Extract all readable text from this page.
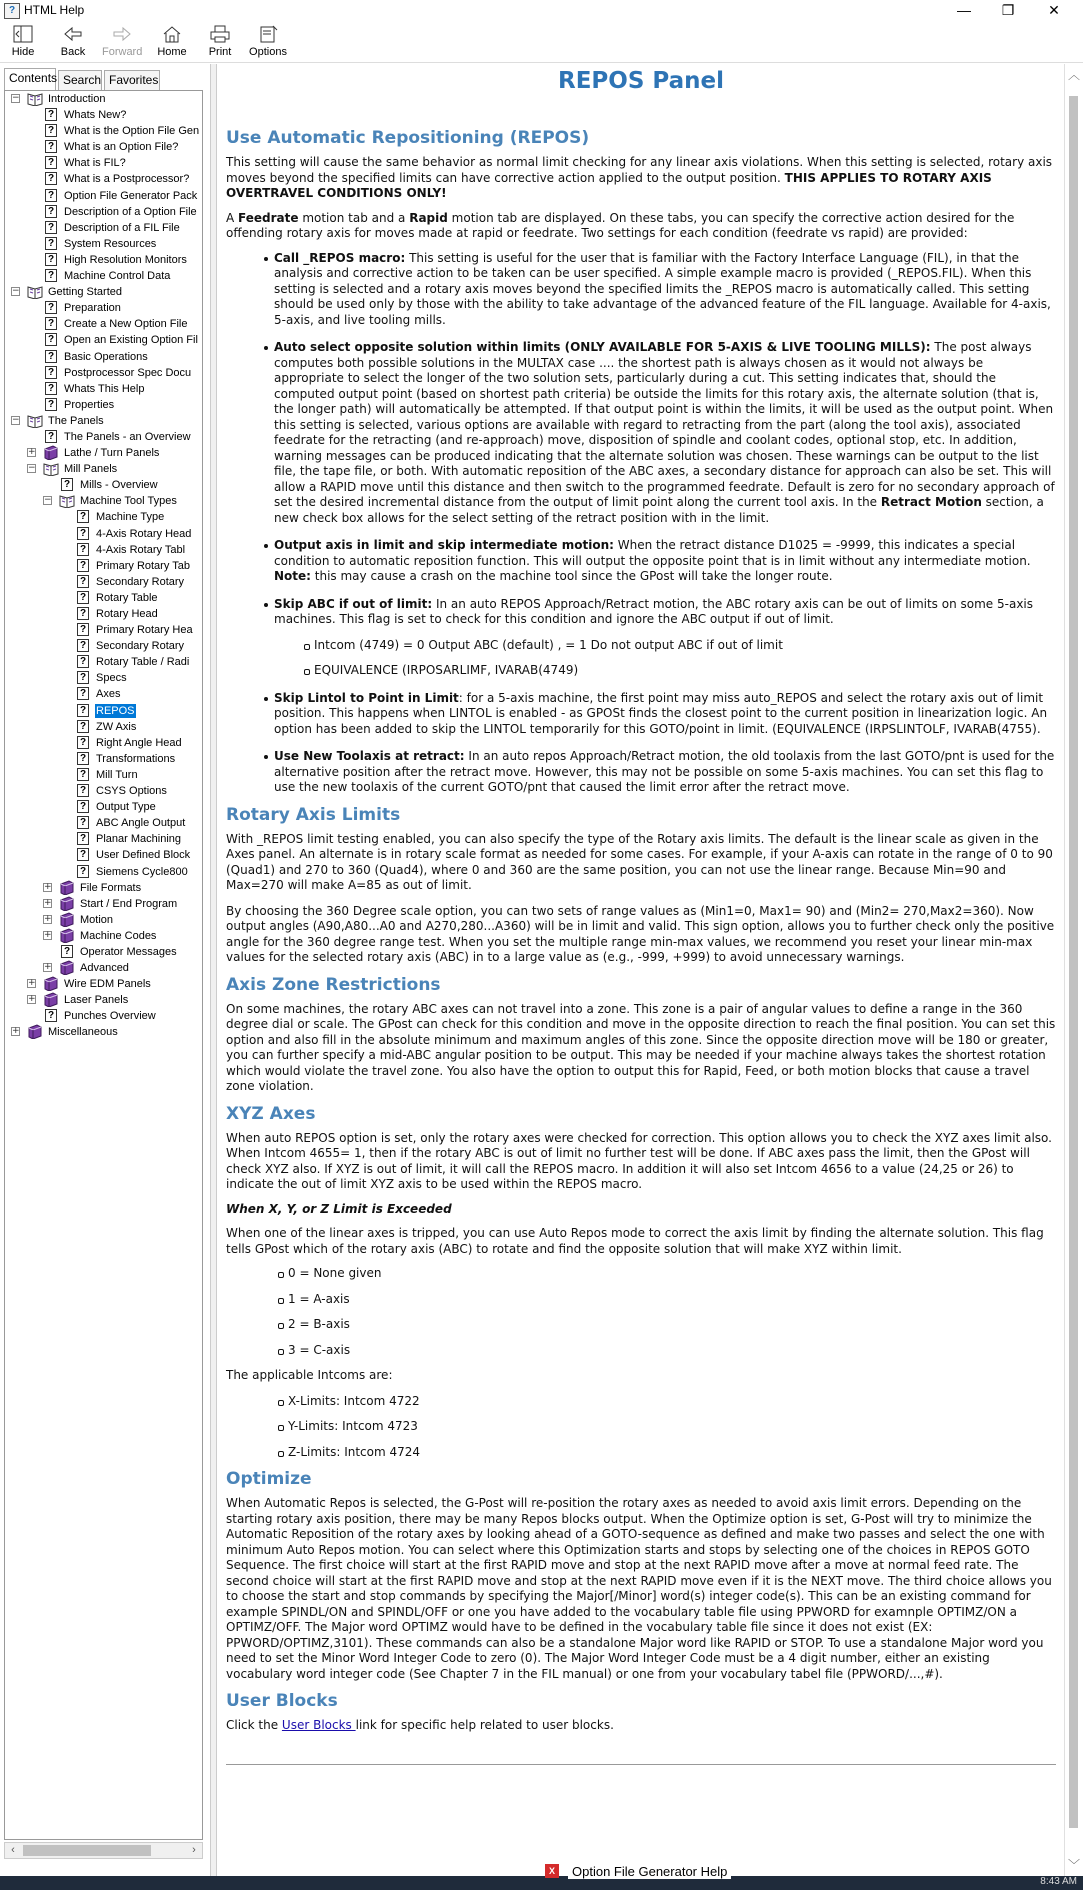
? HTML Help	—	❐	✕
Hide	Back Forward Home Print Options
Contents Search Favorites
−	Introduction
? Whats New?
? What is the Option File Gen
? What is an Option File?
? What is FIL?
? What is a Postprocessor?
? Option File Generator Pack
? Description of a Option File
? Description of a FIL File
? System Resources
? High Resolution Monitors
? Machine Control Data
−	Getting Started
? Preparation
? Create a New Option File
? Open an Existing Option Fil
? Basic Operations
? Postprocessor Spec Docu
? Whats This Help
? Properties
−	The Panels
? The Panels - an Overview
+	Lathe / Turn Panels
−	Mill Panels
? Mills - Overview
−	Machine Tool Types
? Machine Type
? 4-Axis Rotary Head
? 4-Axis Rotary Tabl
? Primary Rotary Tab
? Secondary Rotary
? Rotary Table
? Rotary Head
? Primary Rotary Hea
? Secondary Rotary
? Rotary Table / Radi
? Specs
? Axes
? REPOS
? ZW Axis
? Right Angle Head
? Transformations
? Mill Turn
? CSYS Options
? Output Type
? ABC Angle Output
? Planar Machining
? User Defined Block
? Siemens Cycle800
+	File Formats
+	Start / End Program
+	Motion
+	Machine Codes
? Operator Messages
+	Advanced
+	Wire EDM Panels
+	Laser Panels
? Punches Overview
+	Miscellaneous
‹	›
REPOS Panel
Use Automatic Repositioning (REPOS)

This setting will cause the same behavior as normal limit checking for any linear axis violations. When this setting is selected, rotary axis moves beyond the specified limits can have corrective action applied to the output position. THIS APPLIES TO ROTARY AXIS OVERTRAVEL CONDITIONS ONLY!

A Feedrate motion tab and a Rapid motion tab are displayed. On these tabs, you can specify the corrective action desired for the offending rotary axis for moves made at rapid or feedrate. Two settings for each condition (feedrate vs rapid) are provided:

Call _REPOS macro: This setting is useful for the user that is familiar with the Factory Interface Language (FIL), in that the analysis and corrective action to be taken can be user specified. A simple example macro is provided (_REPOS.FIL). When this setting is selected and a rotary axis moves beyond the specified limits the _REPOS macro is automatically called. This setting should be used only by those with the ability to take advantage of the advanced feature of the FIL language. Available for 4-axis, 5-axis, and live tooling mills.
Auto select opposite solution within limits (ONLY AVAILABLE FOR 5-AXIS & LIVE TOOLING MILLS): The post always computes both possible solutions in the MULTAX case .... the shortest path is always chosen as it would not always be appropriate to select the longer of the two solution sets, particularly during a cut. This setting indicates that, should the computed output point (based on shortest path criteria) be outside the limits for this rotary axis, the alternate solution (that is, the longer path) will automatically be attempted. If that output point is within the limits, it will be used as the output point. When this setting is selected, various options are available with regard to retracting from the part (along the tool axis), associated feedrate for the retracting (and re-approach) move, disposition of spindle and coolant codes, optional stop, etc. In addition, warning messages can be produced indicating that the alternate solution was chosen. These warnings can be output to the list file, the tape file, or both. With automatic reposition of the ABC axes, a secondary distance for approach can also be set. This will allow a RAPID move until this distance and then switch to the programmed feedrate. Default is zero for no secondary approach of set the desired incremental distance from the output of limit point along the current tool axis. In the Retract Motion section, a new check box allows for the select setting of the retract position with in the limit.
Output axis in limit and skip intermediate motion: When the retract distance D1025 = -9999, this indicates a special condition to automatic reposition function. This will output the opposite point that is in limit without any intermediate motion. Note: this may cause a crash on the machine tool since the GPost will take the longer route.
Skip ABC if out of limit: In an auto REPOS Approach/Retract motion, the ABC rotary axis can be out of limits on some 5-axis machines. This flag is set to check for this condition and ignore the ABC output if out of limit.
Intcom (4749) = 0 Output ABC (default) , = 1 Do not output ABC if out of limit
EQUIVALENCE (IRPOSARLIMF, IVARAB(4749)
Skip Lintol to Point in Limit: for a 5-axis machine, the first point may miss auto_REPOS and select the rotary axis out of limit position. This happens when LINTOL is enabled - as GPOSt finds the closest point to the current position in linearization logic. An option has been added to skip the LINTOL temporarily for this GOTO/point in limit. (EQUIVALENCE (IRPSLINTOLF, IVARAB(4755).
Use New Toolaxis at retract: In an auto repos Approach/Retract motion, the old toolaxis from the last GOTO/pnt is used for the alternative position after the retract move. However, this may not be possible on some 5-axis machines. You can set this flag to use the new toolaxis of the current GOTO/pnt that caused the limit error after the retract move.
Rotary Axis Limits

With _REPOS limit testing enabled, you can also specify the type of the Rotary axis limits. The default is the linear scale as given in the Axes panel. An alternate is in rotary scale format as needed for some cases. For example, if your A-axis can rotate in the range of 0 to 90 (Quad1) and 270 to 360 (Quad4), where 0 and 360 are the same position, you can not use the linear range. Because Min=90 and Max=270 will make A=85 as out of limit.

By choosing the 360 Degree scale option, you can two sets of range values as (Min1=0, Max1= 90) and (Min2= 270,Max2=360). Now output angles (A90,A80...A0 and A270,280...A360) will be in limit and valid. This sign option, allows you to further check only the positive angle for the 360 degree range test. When you set the multiple range min-max values, we recommend you reset your linear min-max values for the selected rotary axis (ABC) in to a large value as (e.g., -999, +999) to avoid unnecessary warnings.

Axis Zone Restrictions

On some machines, the rotary ABC axes can not travel into a zone. This zone is a pair of angular values to define a range in the 360 degree dial or scale. The GPost can check for this condition and move in the opposite direction to reach the final position. You can set this option and also fill in the absolute minimum and maximum angles of this zone. Since the opposite direction move will be 180 or greater, you can further specify a mid-ABC angular position to be output. This may be needed if your machine always takes the shortest rotation which would violate the travel zone. You also have the option to output this for Rapid, Feed, or both motion blocks that cause a travel zone violation.

XYZ Axes

When auto REPOS option is set, only the rotary axes were checked for correction. This option allows you to check the XYZ axes limit also. When Intcom 4655= 1, then if the rotary ABC is out of limit no further test will be done. If ABC axes pass the limit, then the GPost will check XYZ also. If XYZ is out of limit, it will call the REPOS macro. In addition it will also set Intcom 4656 to a value (24,25 or 26) to indicate the out of limit XYZ axis to be used within the REPOS macro.

When X, Y, or Z Limit is Exceeded

When one of the linear axes is tripped, you can use Auto Repos mode to correct the axis limit by finding the alternate solution. This flag tells GPost which of the rotary axis (ABC) to rotate and find the opposite solution that will make XYZ within limit.

0 = None given
1 = A-axis
2 = B-axis
3 = C-axis

The applicable Intcoms are:

X-Limits: Intcom 4722
Y-Limits: Intcom 4723
Z-Limits: Intcom 4724
Optimize

When Automatic Repos is selected, the G-Post will re-position the rotary axes as needed to avoid axis limit errors. Depending on the starting rotary axis position, there may be many Repos blocks output. When the Optimize option is set, G-Post will try to minimize the Automatic Reposition of the rotary axes by looking ahead of a GOTO-sequence as defined and make two passes and select the one with minimum Auto Repos motion. You can select where this Optimization starts and stops by selecting one of the choices in REPOS GOTO Sequence. The first choice will start at the first RAPID move and stop at the next RAPID move after a move at normal feed rate. The second choice will start at the first RAPID move and stop at the next RAPID move even if it is the NEXT move. The third choice allows you to choose the start and stop commands by specifying the Major[/Minor] word(s) integer code(s). This can be an existing command for example SPINDL/ON and SPINDL/OFF or one you have added to the vocabulary table file using PPWORD for examnple OPTIMZ/ON a OPTIMZ/OFF. The Major word OPTIMZ would have to be defined in the vocabulary table file since it does not exist (EX: PPWORD/OPTIMZ,3101). These commands can also be a standalone Major word like RAPID or STOP. To use a standalone Major word you need to set the Minor Word Integer Code to zero (0). The Major Word Integer Code must be a 4 digit number, either an existing vocabulary word integer code (See Chapter 7 in the FIL manual) or one from your vocabulary tabel file (PPWORD/...,#).

User Blocks

Click the User Blocks link for specific help related to user blocks.

︿
﹀
X	Option File Generator Help
8:43 AM
